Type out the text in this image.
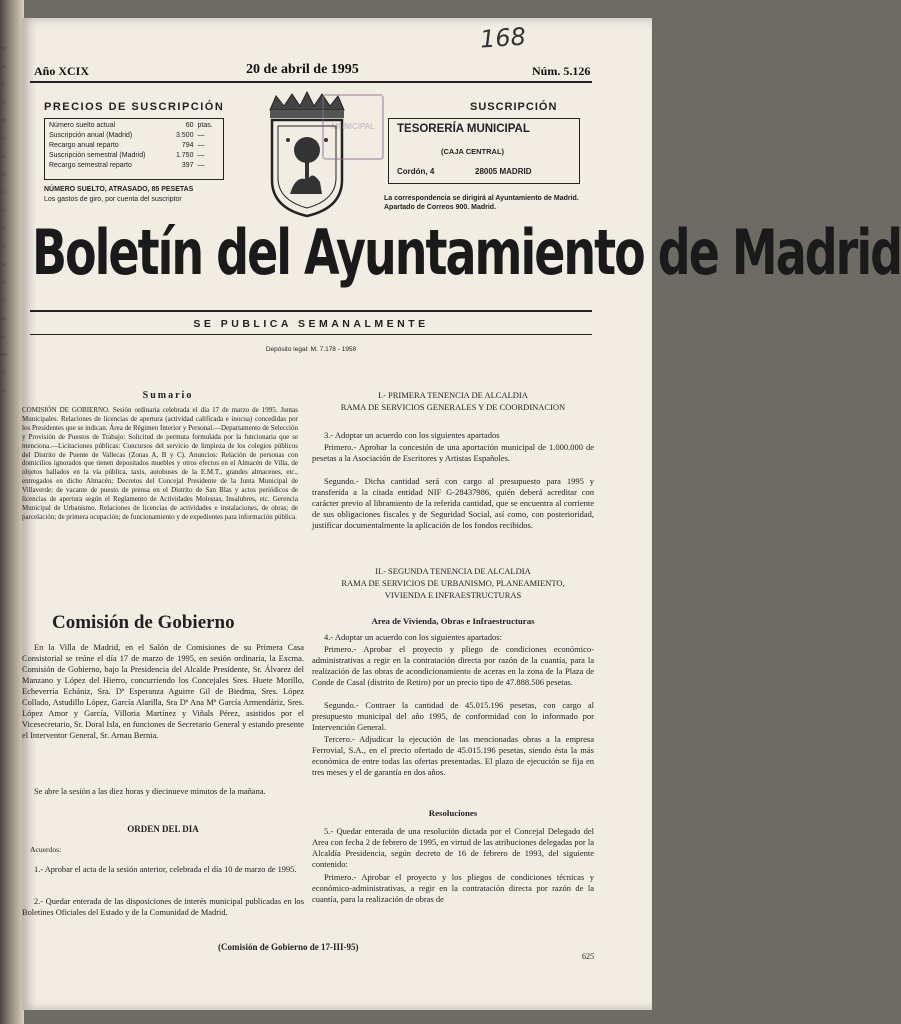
hu
pe
la
ro
en
ra
as
de
lo
tu
se
es
pa
do
ci
no
ta
me
re
ca
168
Año XCIX	20 de abril de 1995	Núm. 5.126
PRECIOS DE SUSCRIPCIÓN
Número suelto actual	60	ptas.
Suscripción anual (Madrid)	3.500	—
Recargo anual reparto	794	—
Suscripción semestral (Madrid)	1.750	—
Recargo semestral reparto	397	—
NÚMERO SUELTO, ATRASADO, 85 PESETAS
Los gastos de giro, por cuenta del suscriptor
MUNICIPAL
SUSCRIPCIÓN
TESORERÍA MUNICIPAL
(CAJA CENTRAL)
Cordón, 4	28005 MADRID
La correspondencia se dirigirá al Ayuntamiento de Madrid. Apartado de Correos 900. Madrid.
Boletín del Ayuntamiento de Madrid
SE PUBLICA SEMANALMENTE
Depósito legal: M. 7.178 - 1958
Sumario
COMISIÓN DE GOBIERNO. Sesión ordinaria celebrada el día 17 de marzo de 1995. Juntas Municipales. Relaciones de licencias de apertura (actividad calificada e inocua) concedidas por los Presidentes que se indican. Área de Régimen Interior y Personal.—Departamento de Selección y Provisión de Puestos de Trabajo: Solicitud de permuta formulada por la funcionaria que se menciona.—Licitaciones públicas: Concursos del servicio de limpieza de los colegios públicos del Distrito de Puente de Vallecas (Zonas A, B y C). Anuncios: Relación de personas con domicilios ignorados que tienen depositados muebles y otros efectos en el Almacén de Villa, de objetos hallados en la vía pública, taxis, autobuses de la E.M.T., grandes almacenes, etc., entregados en dicho Almacén; Decretos del Concejal Presidente de la Junta Municipal de Villaverde; de vacante de puesto de prensa en el Distrito de San Blas y actos periódicos de licencias de apertura según el Reglamento de Actividades Molestas, Insalubres, etc. Gerencia Municipal de Urbanismo. Relaciones de licencias de actividades e instalaciones, de obras; de parcelación; de primera ocupación; de funcionamiento y de expedientes para información pública.
Comisión de Gobierno
En la Villa de Madrid, en el Salón de Comisiones de su Primera Casa Consistorial se reúne el día 17 de marzo de 1995, en sesión ordinaria, la Excma. Comisión de Gobierno, bajo la Presidencia del Alcalde Presidente, Sr. Álvarez del Manzano y López del Hierro, concurriendo los Concejales Sres. Huete Morillo, Echeverría Echániz, Sra. Dª Esperanza Aguirre Gil de Biedma, Sres. López Collado, Astudillo López, García Alarilla, Sra Dª Ana Mª García Armendáriz, Sres. López Amor y García, Villoria Martínez y Viñals Pérez, asistidos por el Vicesecretario, Sr. Doral Isla, en funciones de Secretario General y estando presente el Interventor General, Sr. Arnau Bernia.
Se abre la sesión a las diez horas y diecinueve minutos de la mañana.
ORDEN DEL DIA
Acuerdos:
1.- Aprobar el acta de la sesión anterior, celebrada el día 10 de marzo de 1995.
2.- Quedar enterada de las disposiciones de interés municipal publicadas en los Boletines Oficiales del Estado y de la Comunidad de Madrid.
I.- PRIMERA TENENCIA DE ALCALDIA
RAMA DE SERVICIOS GENERALES Y DE COORDINACION
3.- Adoptar un acuerdo con los siguientes apartados
Primero.- Aprobar la concesión de una aportación municipal de 1.000.000 de pesetas a la Asociación de Escritores y Artistas Españoles.
Segundo.- Dicha cantidad será con cargo al presupuesto para 1995 y transferida a la citada entidad NIF G-28437986, quién deberá acreditar con carácter previo al libramiento de la referida cantidad, que se encuentra al corriente de sus obligaciones fiscales y de Seguridad Social, así como, con posterioridad, justificar documentalmente la aplicación de los fondos recibidos.
II.- SEGUNDA TENENCIA DE ALCALDIA
RAMA DE SERVICIOS DE URBANISMO, PLANEAMIENTO,
VIVIENDA E INFRAESTRUCTURAS
Area de Vivienda, Obras e Infraestructuras
4.- Adoptar un acuerdo con los siguientes apartados:
Primero.- Aprobar el proyecto y pliego de condiciones económico-administrativas a regir en la contratación directa por razón de la cuantía, para la realización de las obras de acondicionamiento de aceras en la zona de la Plaza de Conde de Casal (distrito de Retiro) por un precio tipo de 47.888.506 pesetas.
Segundo.- Contraer la cantidad de 45.015.196 pesetas, con cargo al presupuesto municipal del año 1995, de conformidad con lo informado por Intervención General.
Tercero.- Adjudicar la ejecución de las mencionadas obras a la empresa Ferrovial, S.A., en el precio ofertado de 45.015.196 pesetas, siendo ésta la más económica de entre todas las ofertas presentadas. El plazo de ejecución se fija en tres meses y el de garantía en dos años.
Resoluciones
5.- Quedar enterada de una resolución dictada por el Concejal Delegado del Area con fecha 2 de febrero de 1995, en virtud de las atribuciones delegadas por la Alcaldía Presidencia, según decreto de 16 de febrero de 1993, del siguiente contenido:
Primero.- Aprobar el proyecto y los pliegos de condiciones técnicas y económico-administrativas, a regir en la contratación directa por razón de la cuantía, para la realización de obras de
(Comisión de Gobierno de 17-III-95)
625
